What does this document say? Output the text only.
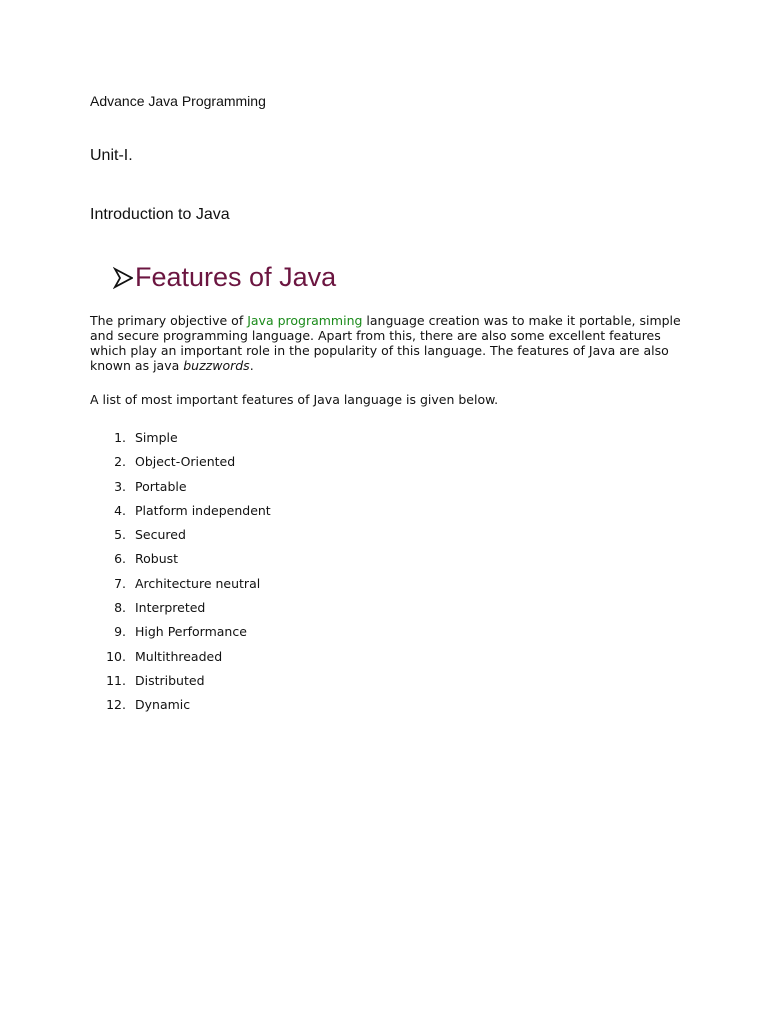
Advance Java Programming
Unit-I.
Introduction to Java
Features of Java
The primary objective of Java programming language creation was to make it portable, simple and secure programming language. Apart from this, there are also some excellent features which play an important role in the popularity of this language. The features of Java are also known as java buzzwords.
A list of most important features of Java language is given below.
1. Simple
2. Object-Oriented
3. Portable
4. Platform independent
5. Secured
6. Robust
7. Architecture neutral
8. Interpreted
9. High Performance
10. Multithreaded
11. Distributed
12. Dynamic
